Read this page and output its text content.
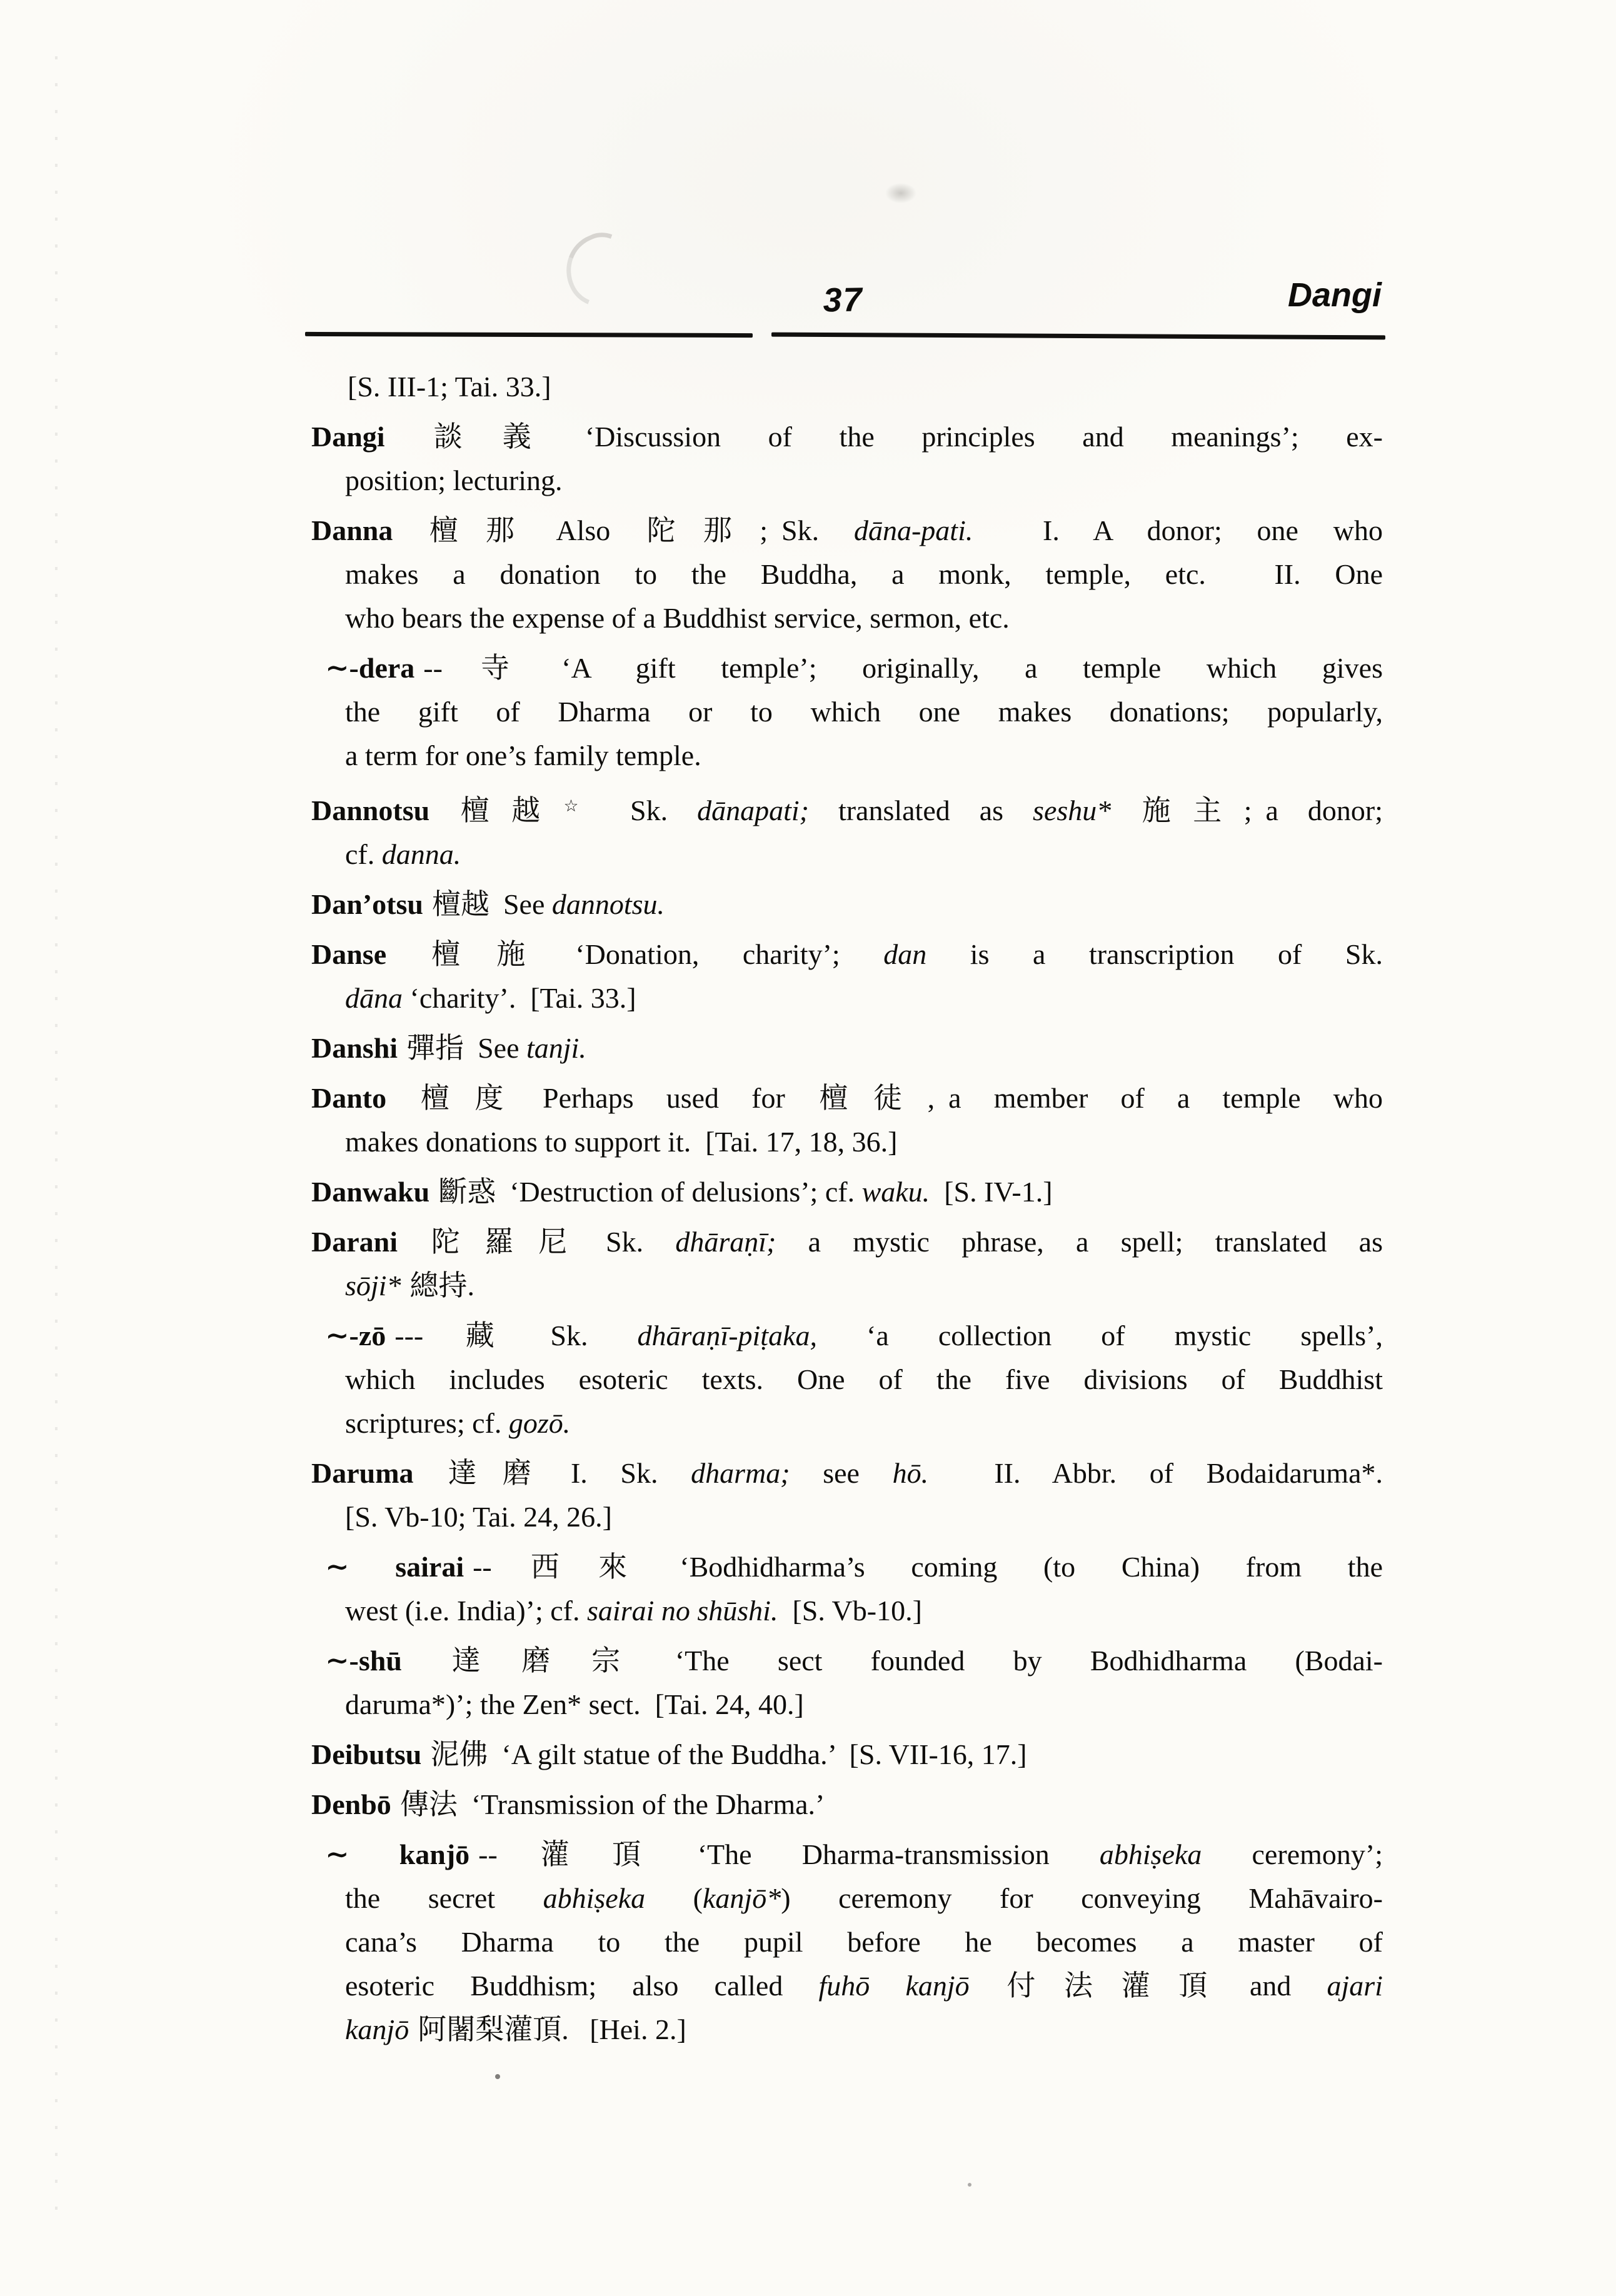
37	Dangi
[S. III-1; Tai. 33.]
Dangi 談義 ‘Discussion of the principles and meanings’; ex-
position; lecturing.
Danna 檀那 Also 陀那; Sk. dāna-pati.  I. A donor; one who
makes a donation to the Buddha, a monk, temple, etc.  II. One
who bears the expense of a Buddhist service, sermon, etc.
∼-dera --寺 ‘A gift temple’; originally, a temple which gives
the gift of Dharma or to which one makes donations; popularly,
a term for one’s family temple.
Dannotsu 檀越☆ Sk. dānapati; translated as seshu* 施主; a donor;
cf. danna.
Dan’otsu 檀越 See dannotsu.
Danse 檀施 ‘Donation, charity’; dan is a transcription of Sk.
dāna ‘charity’.  [Tai. 33.]
Danshi 彈指 See tanji.
Danto 檀度 Perhaps used for 檀徒, a member of a temple who
makes donations to support it.  [Tai. 17, 18, 36.]
Danwaku 斷惑 ‘Destruction of delusions’; cf. waku.  [S. IV-1.]
Darani 陀羅尼 Sk. dhāraṇī; a mystic phrase, a spell; translated as
sōji* 總持.
∼-zō ---藏 Sk. dhāraṇī-piṭaka, ‘a collection of mystic spells’,
which includes esoteric texts. One of the five divisions of Buddhist
scriptures; cf. gozō.
Daruma 達磨 I. Sk. dharma; see hō.  II. Abbr. of Bodaidaruma*.
[S. Vb-10; Tai. 24, 26.]
∼ sairai --西來 ‘Bodhidharma’s coming (to China) from the
west (i.e. India)’; cf. sairai no shūshi.  [S. Vb-10.]
∼-shū 達磨宗 ‘The sect founded by Bodhidharma (Bodai-
daruma*)’; the Zen* sect.  [Tai. 24, 40.]
Deibutsu 泥佛 ‘A gilt statue of the Buddha.’  [S. VII-16, 17.]
Denbō 傳法 ‘Transmission of the Dharma.’
∼ kanjō --灌頂 ‘The Dharma-transmission abhiṣeka ceremony’;
the secret abhiṣeka (kanjō*) ceremony for conveying Mahāvairo-
cana’s Dharma to the pupil before he becomes a master of
esoteric Buddhism; also called fuhō kanjō 付法灌頂 and ajari
kanjō 阿闍梨灌頂. [Hei. 2.]
